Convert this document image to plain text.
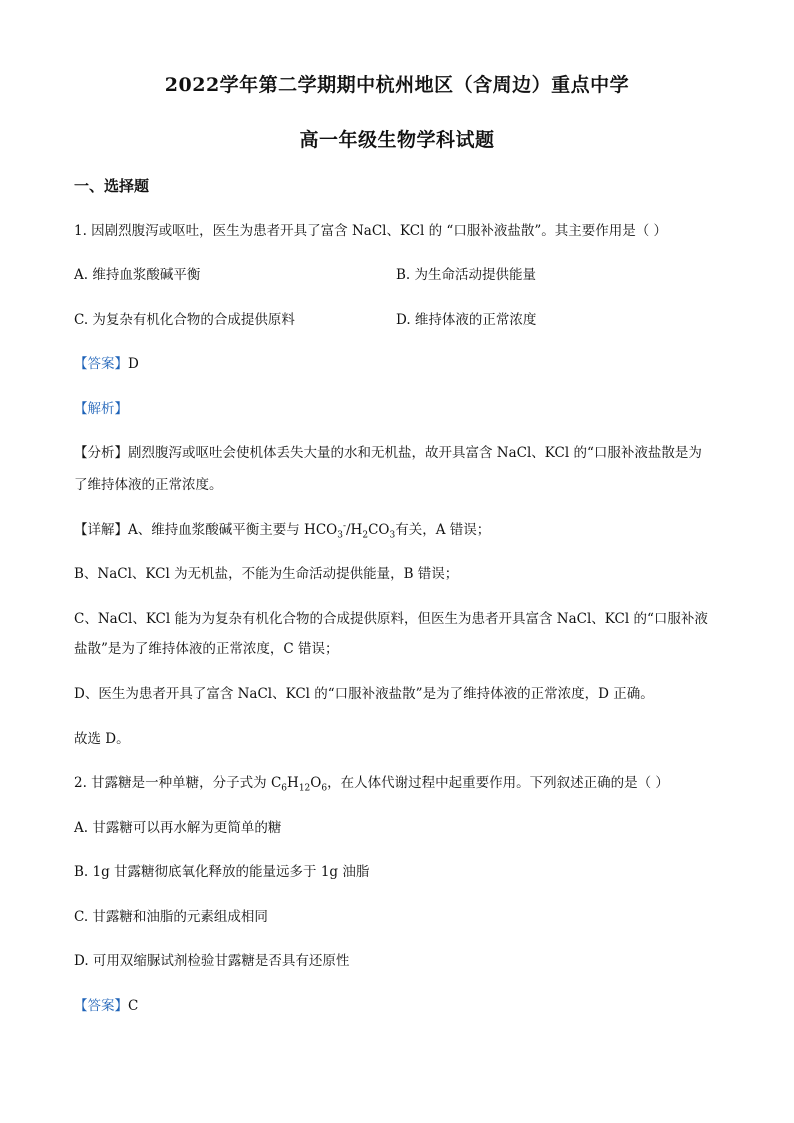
2022学年第二学期期中杭州地区（含周边）重点中学
高一年级生物学科试题
一、选择题
1. 因剧烈腹泻或呕吐，医生为患者开具了富含 NaCl、KCl 的 “口服补液盐散”。其主要作用是（ ）
A. 维持血浆酸碱平衡	B. 为生命活动提供能量
C. 为复杂有机化合物的合成提供原料	D. 维持体液的正常浓度
【答案】D
【解析】
【分析】剧烈腹泻或呕吐会使机体丢失大量的水和无机盐，故开具富含 NaCl、KCl 的“口服补液盐散是为
了维持体液的正常浓度。
【详解】A、维持血浆酸碱平衡主要与 $HCO_3^-/H_2CO_3$有关，A 错误；
B、NaCl、KCl 为无机盐，不能为生命活动提供能量，B 错误；
C、NaCl、KCl 能为为复杂有机化合物的合成提供原料，但医生为患者开具富含 NaCl、KCl 的“口服补液
盐散”是为了维持体液的正常浓度，C 错误；
D、医生为患者开具了富含 NaCl、KCl 的“口服补液盐散”是为了维持体液的正常浓度，D 正确。
故选 D。
2. 甘露糖是一种单糖，分子式为 $C_6H_{12}O_6$，在人体代谢过程中起重要作用。下列叙述正确的是（ ）
A. 甘露糖可以再水解为更简单的糖
B. 1g 甘露糖彻底氧化释放的能量远多于 1g 油脂
C. 甘露糖和油脂的元素组成相同
D. 可用双缩脲试剂检验甘露糖是否具有还原性
【答案】C
